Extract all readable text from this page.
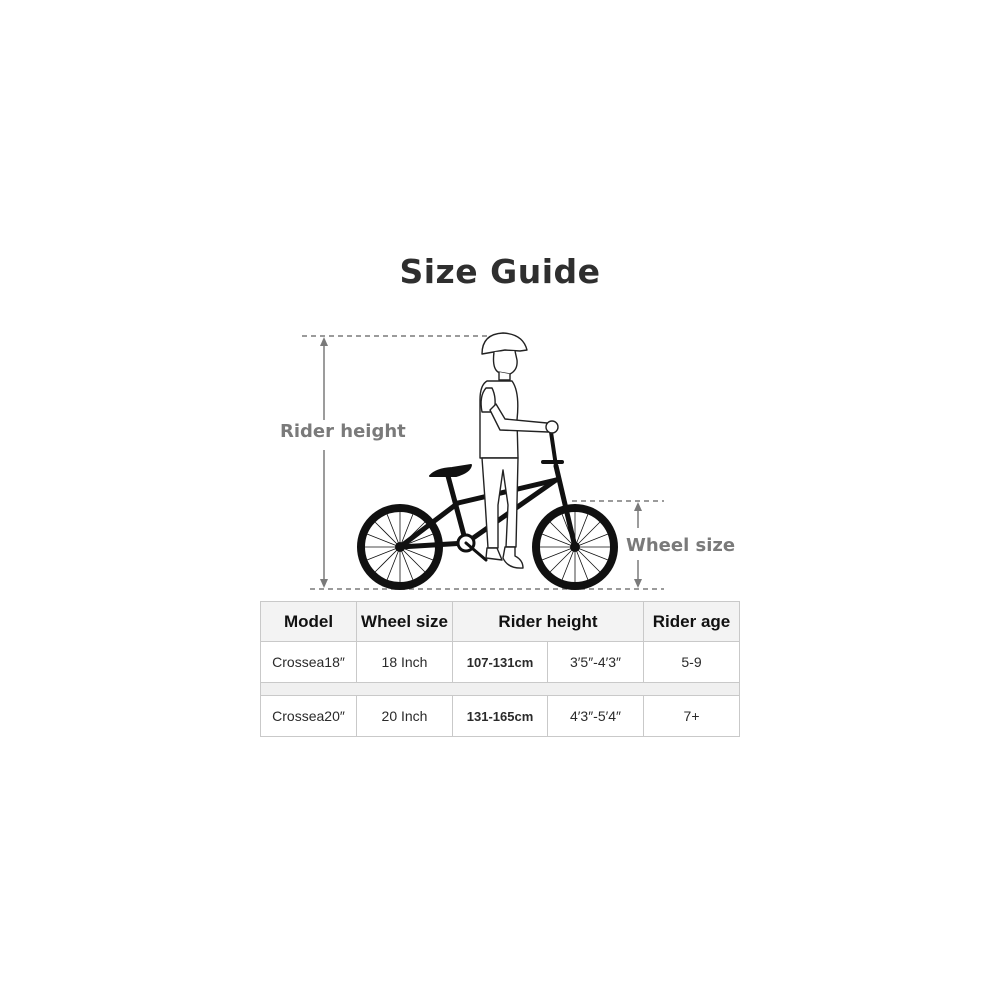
Size Guide
Rider height
Wheel size
Model	Wheel size	Rider height		Rider age
Crossea18″	18 Inch	107-131cm	3′5″-4′3″	5-9

Crossea20″	20 Inch	131-165cm	4′3″-5′4″	7+
